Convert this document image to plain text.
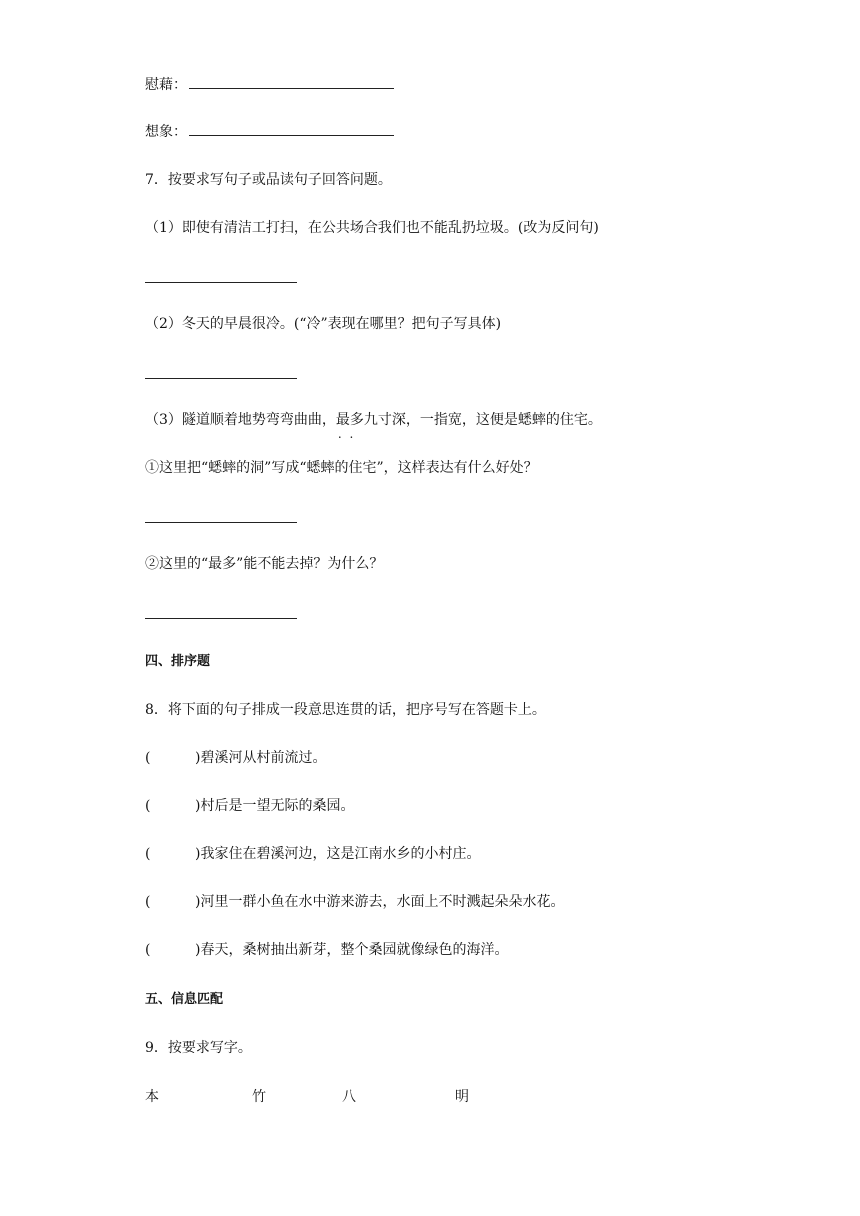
慰藉：
想象：
7．按要求写句子或品读句子回答问题。
（1）即使有清洁工打扫，在公共场合我们也不能乱扔垃圾。(改为反问句)
（2）冬天的早晨很冷。(“冷”表现在哪里？把句子写具体)
（3）隧道顺着地势弯弯曲曲，最多 . .九寸深，一指宽，这便是蟋蟀的住宅。
①这里把“蟋蟀的洞”写成“蟋蟀的住宅”，这样表达有什么好处？
②这里的“最多”能不能去掉？为什么？
四、排序题
8．将下面的句子排成一段意思连贯的话，把序号写在答题卡上。
(	)碧溪河从村前流过。
(	)村后是一望无际的桑园。
(	)我家住在碧溪河边，这是江南水乡的小村庄。
(	)河里一群小鱼在水中游来游去，水面上不时溅起朵朵水花。
(	)春天，桑树抽出新芽，整个桑园就像绿色的海洋。
五、信息匹配
9．按要求写字。
本	竹	八	明
